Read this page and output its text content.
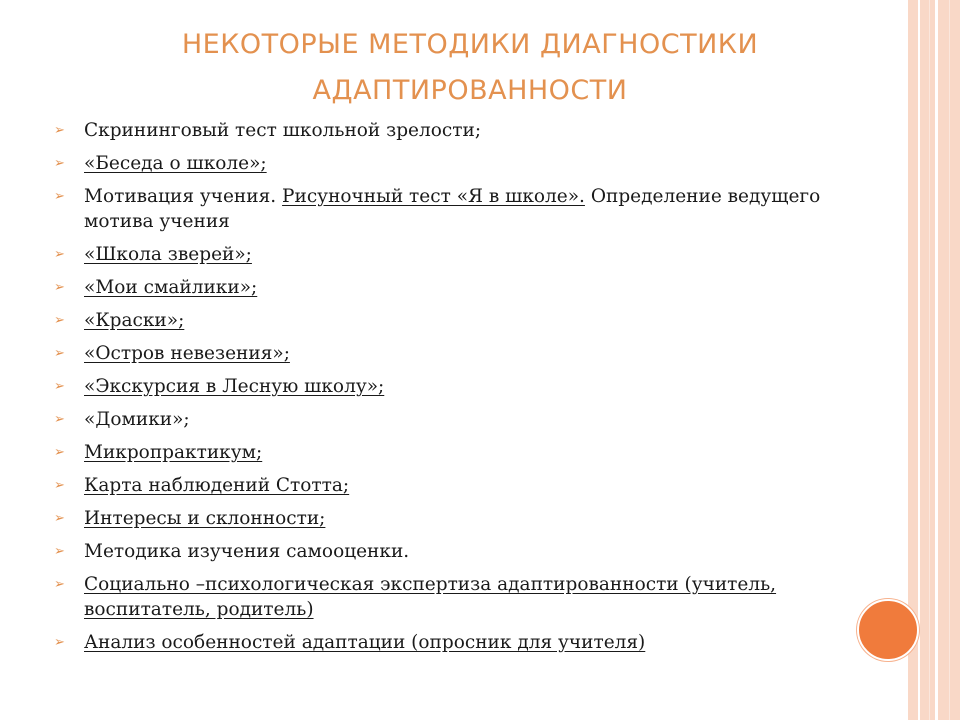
НЕКОТОРЫЕ МЕТОДИКИ ДИАГНОСТИКИ
АДАПТИРОВАННОСТИ
➢ Скрининговый тест школьной зрелости;
➢ «Беседа о школе»;
➢ Мотивация учения. Рисуночный тест «Я в школе». Определение ведущего мотива учения
➢ «Школа зверей»;
➢ «Мои смайлики»;
➢ «Краски»;
➢ «Остров невезения»;
➢ «Экскурсия в Лесную школу»;
➢ «Домики»;
➢ Микропрактикум;
➢ Карта наблюдений Стотта;
➢ Интересы и склонности;
➢ Методика изучения самооценки.
➢ Социально –психологическая экспертиза адаптированности (учитель, воспитатель, родитель)
➢ Анализ особенностей адаптации (опросник для учителя)
